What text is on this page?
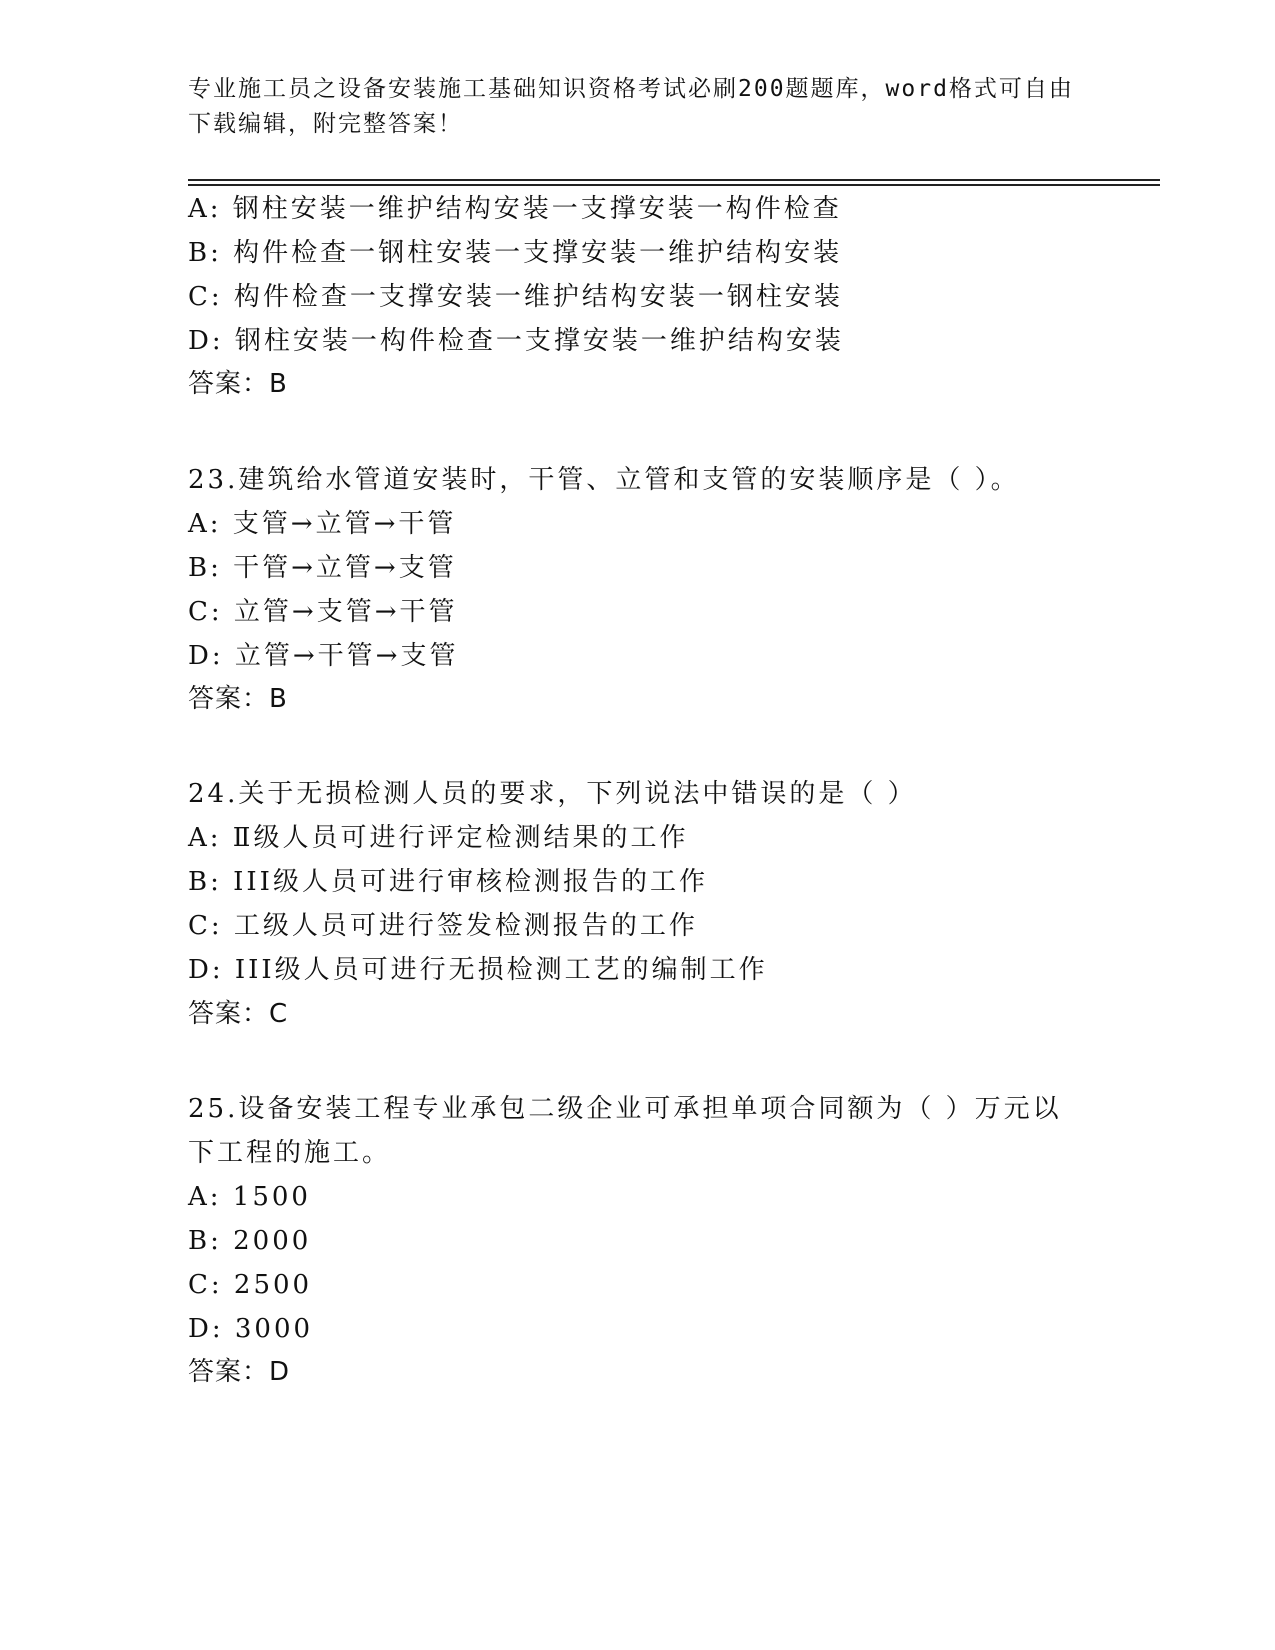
专业施工员之设备安装施工基础知识资格考试必刷200题题库，word格式可自由
下载编辑，附完整答案！
A: 钢柱安装一维护结构安装一支撑安装一构件检查
B: 构件检查一钢柱安装一支撑安装一维护结构安装
C: 构件检查一支撑安装一维护结构安装一钢柱安装
D: 钢柱安装一构件检查一支撑安装一维护结构安装
答案：B
23.建筑给水管道安装时，干管、立管和支管的安装顺序是（ ）。
A: 支管→立管→干管
B: 干管→立管→支管
C: 立管→支管→干管
D: 立管→干管→支管
答案：B
24.关于无损检测人员的要求，下列说法中错误的是（ ）
A: Ⅱ级人员可进行评定检测结果的工作
B: III级人员可进行审核检测报告的工作
C: 工级人员可进行签发检测报告的工作
D: III级人员可进行无损检测工艺的编制工作
答案：C
25.设备安装工程专业承包二级企业可承担单项合同额为（ ）万元以
下工程的施工。
A: 1500
B: 2000
C: 2500
D: 3000
答案：D
